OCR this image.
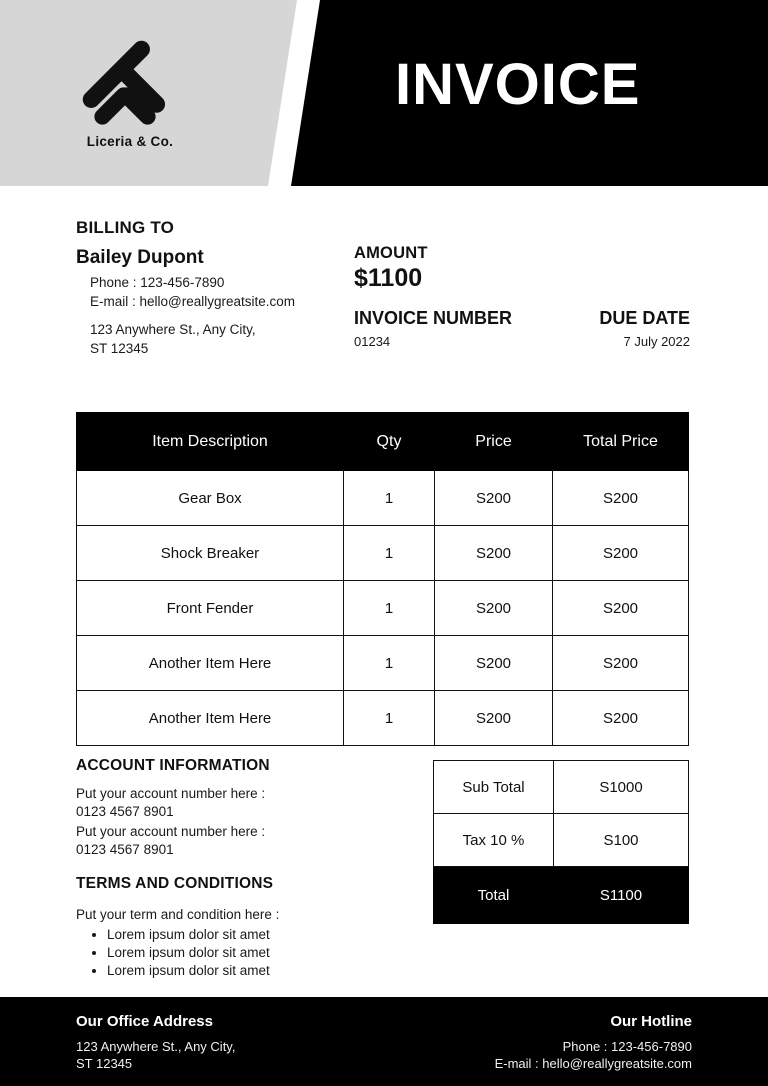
Liceria & Co.
INVOICE
BILLING TO
Bailey Dupont
Phone : 123-456-7890
E-mail : hello@reallygreatsite.com
123 Anywhere St., Any City,
ST 12345
AMOUNT
$1100
INVOICE NUMBER
01234
DUE DATE
7 July 2022
Item Description	Qty	Price	Total Price
Gear Box	1	S200	S200
Shock Breaker	1	S200	S200
Front Fender	1	S200	S200
Another Item Here	1	S200	S200
Another Item Here	1	S200	S200
ACCOUNT INFORMATION
Put your account number here :
0123 4567 8901
Put your account number here :
0123 4567 8901
TERMS AND CONDITIONS
Put your term and condition here :
• Lorem ipsum dolor sit amet
• Lorem ipsum dolor sit amet
• Lorem ipsum dolor sit amet
Sub Total	S1000
Tax 10 %	S100
Total	S1100
Our Office Address
123 Anywhere St., Any City,
ST 12345
Our Hotline
Phone : 123-456-7890
E-mail : hello@reallygreatsite.com
